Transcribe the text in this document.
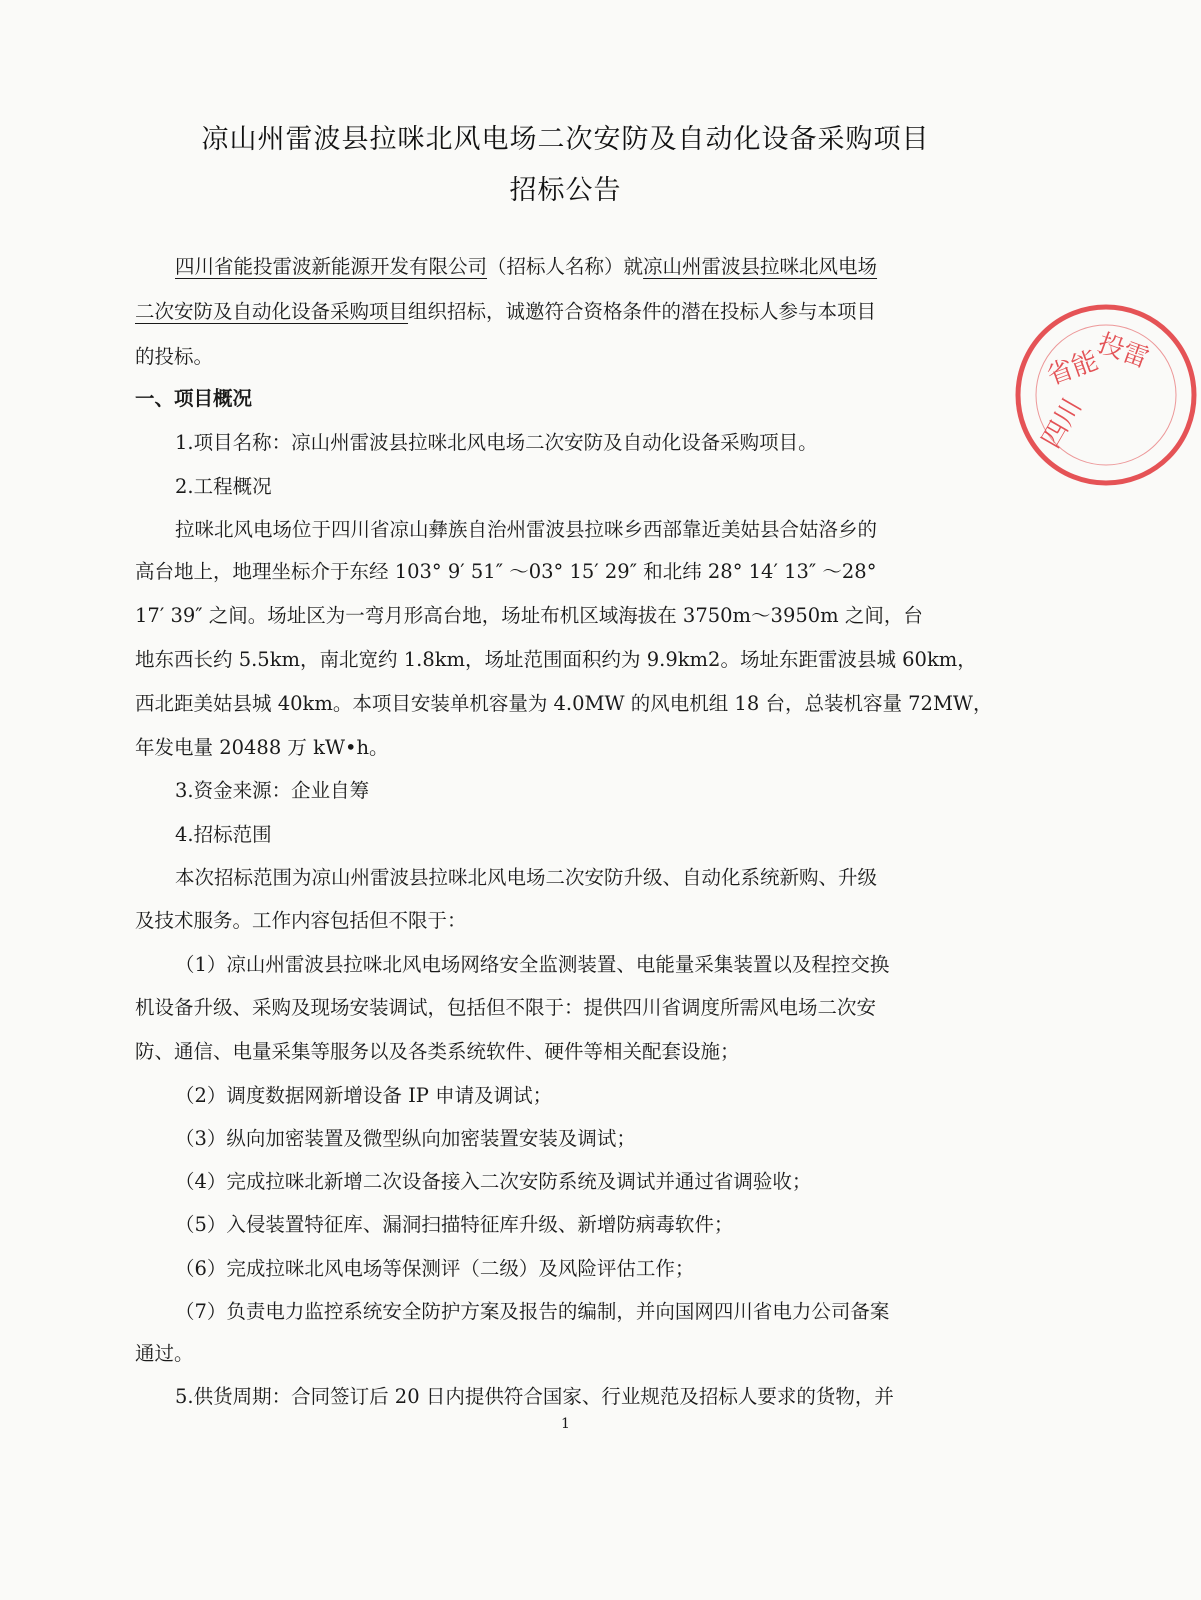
凉山州雷波县拉咪北风电场二次安防及自动化设备采购项目
招标公告
四川省能投雷波新能源开发有限公司（招标人名称）就凉山州雷波县拉咪北风电场
二次安防及自动化设备采购项目组织招标，诚邀符合资格条件的潜在投标人参与本项目
的投标。
一、项目概况
1.项目名称：凉山州雷波县拉咪北风电场二次安防及自动化设备采购项目。
2.工程概况
拉咪北风电场位于四川省凉山彝族自治州雷波县拉咪乡西部靠近美姑县合姑洛乡的
高台地上，地理坐标介于东经 103° 9′ 51″ ～03° 15′ 29″ 和北纬 28° 14′ 13″ ～28°
17′ 39″ 之间。场址区为一弯月形高台地，场址布机区域海拔在 3750m～3950m 之间，台
地东西长约 5.5km，南北宽约 1.8km，场址范围面积约为 9.9km2。场址东距雷波县城 60km，
西北距美姑县城 40km。本项目安装单机容量为 4.0MW 的风电机组 18 台，总装机容量 72MW，
年发电量 20488 万 kW•h。
3.资金来源：企业自筹
4.招标范围
本次招标范围为凉山州雷波县拉咪北风电场二次安防升级、自动化系统新购、升级
及技术服务。工作内容包括但不限于：
（1）凉山州雷波县拉咪北风电场网络安全监测装置、电能量采集装置以及程控交换
机设备升级、采购及现场安装调试，包括但不限于：提供四川省调度所需风电场二次安
防、通信、电量采集等服务以及各类系统软件、硬件等相关配套设施；
（2）调度数据网新增设备 IP 申请及调试；
（3）纵向加密装置及微型纵向加密装置安装及调试；
（4）完成拉咪北新增二次设备接入二次安防系统及调试并通过省调验收；
（5）入侵装置特征库、漏洞扫描特征库升级、新增防病毒软件；
（6）完成拉咪北风电场等保测评（二级）及风险评估工作；
（7）负责电力监控系统安全防护方案及报告的编制，并向国网四川省电力公司备案
通过。
5.供货周期：合同签订后 20 日内提供符合国家、行业规范及招标人要求的货物，并
1
四川
省能
投雷
